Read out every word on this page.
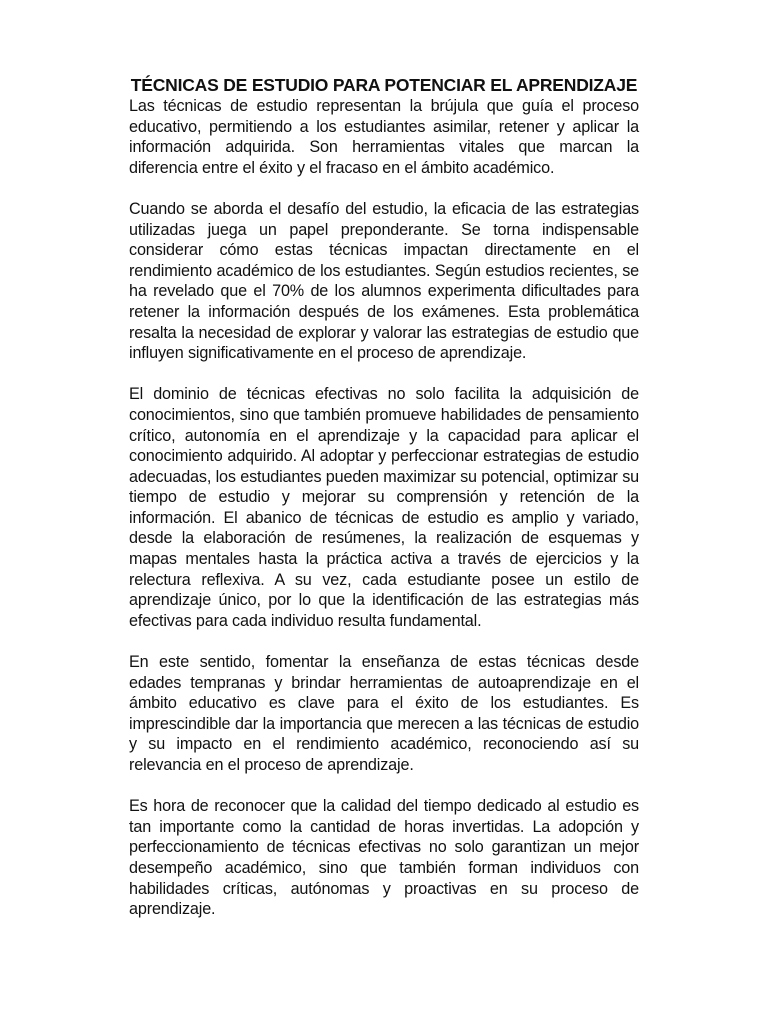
TÉCNICAS DE ESTUDIO PARA POTENCIAR EL APRENDIZAJE

Las técnicas de estudio representan la brújula que guía el proceso educativo, permitiendo a los estudiantes asimilar, retener y aplicar la información adquirida. Son herramientas vitales que marcan la diferencia entre el éxito y el fracaso en el ámbito académico.

Cuando se aborda el desafío del estudio, la eficacia de las estrategias utilizadas juega un papel preponderante. Se torna indispensable considerar cómo estas técnicas impactan directamente en el rendimiento académico de los estudiantes. Según estudios recientes, se ha revelado que el 70% de los alumnos experimenta dificultades para retener la información después de los exámenes. Esta problemática resalta la necesidad de explorar y valorar las estrategias de estudio que influyen significativamente en el proceso de aprendizaje.

El dominio de técnicas efectivas no solo facilita la adquisición de conocimientos, sino que también promueve habilidades de pensamiento crítico, autonomía en el aprendizaje y la capacidad para aplicar el conocimiento adquirido. Al adoptar y perfeccionar estrategias de estudio adecuadas, los estudiantes pueden maximizar su potencial, optimizar su tiempo de estudio y mejorar su comprensión y retención de la información. El abanico de técnicas de estudio es amplio y variado, desde la elaboración de resúmenes, la realización de esquemas y mapas mentales hasta la práctica activa a través de ejercicios y la relectura reflexiva. A su vez, cada estudiante posee un estilo de aprendizaje único, por lo que la identificación de las estrategias más efectivas para cada individuo resulta fundamental.

En este sentido, fomentar la enseñanza de estas técnicas desde edades tempranas y brindar herramientas de autoaprendizaje en el ámbito educativo es clave para el éxito de los estudiantes. Es imprescindible dar la importancia que merecen a las técnicas de estudio y su impacto en el rendimiento académico, reconociendo así su relevancia en el proceso de aprendizaje.

Es hora de reconocer que la calidad del tiempo dedicado al estudio es tan importante como la cantidad de horas invertidas. La adopción y perfeccionamiento de técnicas efectivas no solo garantizan un mejor desempeño académico, sino que también forman individuos con habilidades críticas, autónomas y proactivas en su proceso de aprendizaje.
